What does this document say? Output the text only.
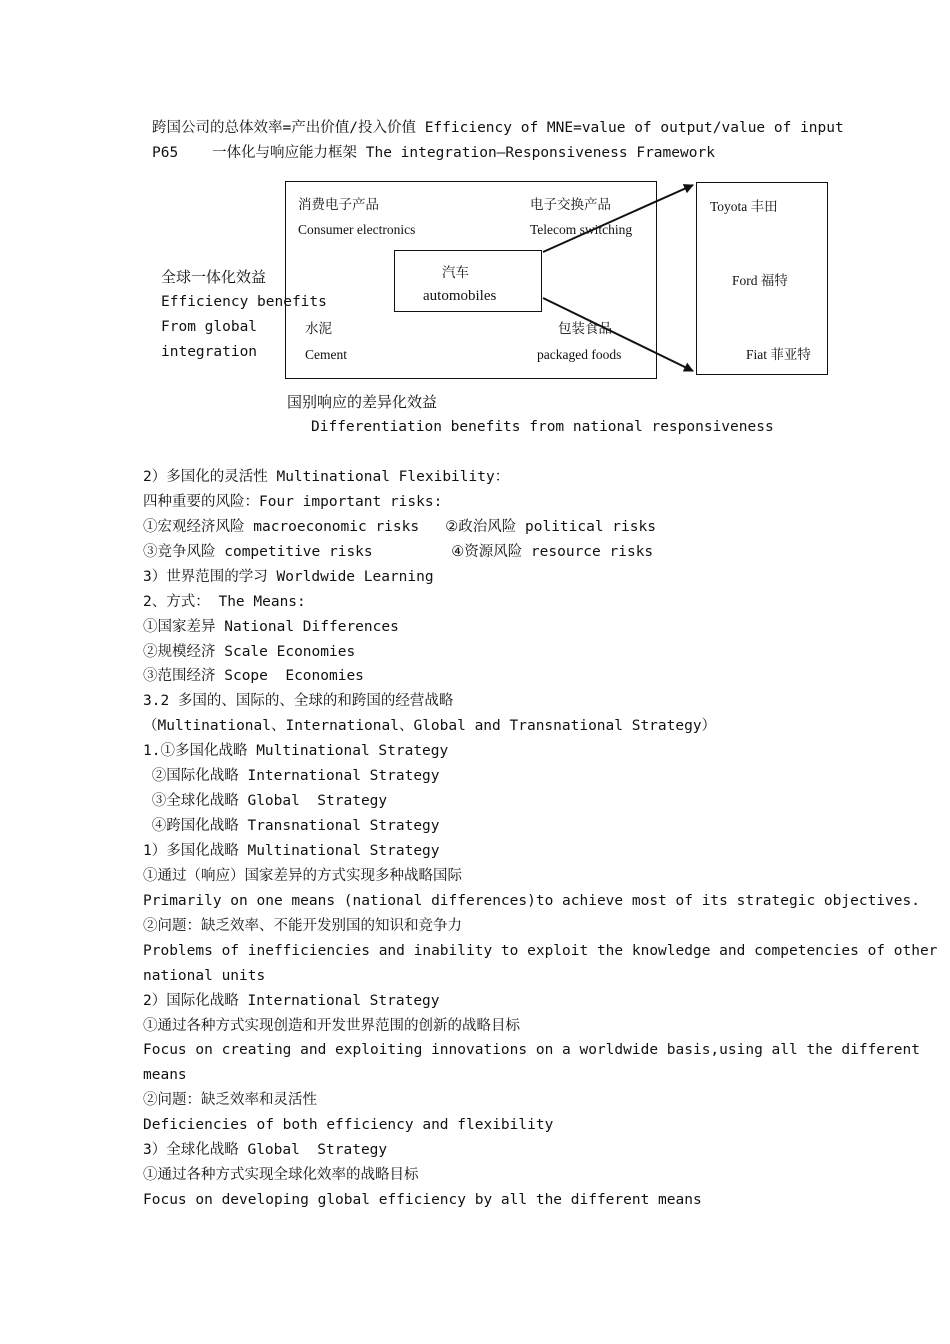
跨国公司的总体效率=产出价值/投入价值 Efficiency of MNE=value of output/value of input
P65 一体化与响应能力框架 The integration—Responsiveness Framework
消费电子产品
Consumer electronics
电子交换产品
Telecom switching
汽车
automobiles
水泥
Cement
包装食品
packaged foods
Toyota 丰田
Ford 福特
Fiat 菲亚特
全球一体化效益
Efficiency benefits
From global
integration
国别响应的差异化效益
Differentiation benefits from national responsiveness
2）多国化的灵活性 Multinational Flexibility：
四种重要的风险：Four important risks:
①宏观经济风险 macroeconomic risks   ②政治风险 political risks
③竞争风险 competitive risks         ④资源风险 resource risks
3）世界范围的学习 Worldwide Learning
2、方式： The Means:
①国家差异 National Differences
②规模经济 Scale Economies
③范围经济 Scope  Economies
3.2 多国的、国际的、全球的和跨国的经营战略
（Multinational、International、Global and Transnational Strategy）
1.①多国化战略 Multinational Strategy
②国际化战略 International Strategy
③全球化战略 Global  Strategy
④跨国化战略 Transnational Strategy
1）多国化战略 Multinational Strategy
①通过（响应）国家差异的方式实现多种战略国际
Primarily on one means (national differences)to achieve most of its strategic objectives.
②问题：缺乏效率、不能开发别国的知识和竞争力
Problems of inefficiencies and inability to exploit the knowledge and competencies of other
national units
2）国际化战略 International Strategy
①通过各种方式实现创造和开发世界范围的创新的战略目标
Focus on creating and exploiting innovations on a worldwide basis,using all the different
means
②问题：缺乏效率和灵活性
Deficiencies of both efficiency and flexibility
3）全球化战略 Global  Strategy
①通过各种方式实现全球化效率的战略目标
Focus on developing global efficiency by all the different means
